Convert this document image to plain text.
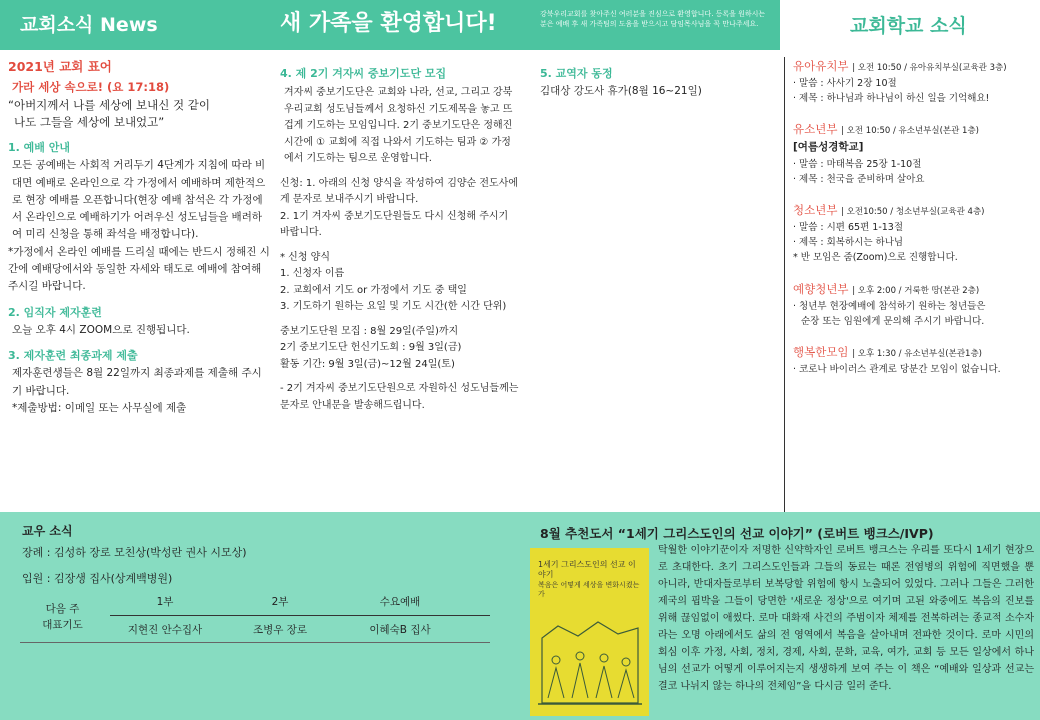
교회소식 News	새 가족을 환영합니다!	강북우리교회를 찾아주신 여러분을 진심으로 환영합니다. 등록을 원하시는 분은 예배 후 새 가족팀의 도움을 받으시고 담임목사님을 꼭 만나주세요.	교회학교 소식
2021년 교회 표어
가라 세상 속으로! (요 17:18)
“아버지께서 나를 세상에 보내신 것 같이
나도 그들을 세상에 보내었고”
1. 예배 안내
모든 공예배는 사회적 거리두기 4단계가 지침에 따라 비대면 예배로 온라인으로 각 가정에서 예배하며 제한적으로 현장 예배를 오픈합니다(현장 예배 참석은 각 가정에서 온라인으로 예배하기가 어려우신 성도님들을 배려하여 미리 신청을 통해 좌석을 배정합니다).
*가정에서 온라인 예배를 드리실 때에는 반드시 정해진 시간에 예배당에서와 동일한 자세와 태도로 예배에 참여해주시길 바랍니다.
2. 임직자 제자훈련
오늘 오후 4시 ZOOM으로 진행됩니다.
3. 제자훈련 최종과제 제출
제자훈련생들은 8월 22일까지 최종과제를 제출해 주시기 바랍니다.
*제출방법: 이메일 또는 사무실에 제출
4. 제 2기 겨자씨 중보기도단 모집
겨자씨 중보기도단은 교회와 나라, 선교, 그리고 강북우리교회 성도님들께서 요청하신 기도제목을 놓고 뜨겁게 기도하는 모임입니다. 2기 중보기도단은 정해진 시간에 ① 교회에 직접 나와서 기도하는 팀과 ② 가정에서 기도하는 팀으로 운영합니다.
신청: 1. 아래의 신청 양식을 작성하여 김양순 전도사에게 문자로 보내주시기 바랍니다.
2. 1기 겨자씨 중보기도단원들도 다시 신청해 주시기 바랍니다.
* 신청 양식
1. 신청자 이름
2. 교회에서 기도 or 가정에서 기도 중 택일
3. 기도하기 원하는 요일 및 기도 시간(한 시간 단위)
중보기도단원 모집 : 8월 29일(주일)까지
2기 중보기도단 헌신기도회 : 9월 3일(금)
활동 기간: 9월 3일(금)~12월 24일(토)
- 2기 겨자씨 중보기도단원으로 자원하신 성도님들께는 문자로 안내문을 발송해드립니다.
5. 교역자 동정
김대상 강도사 휴가(8월 16~21일)
유아유치부 | 오전 10:50 / 유아유치부실(교육관 3층)
· 말씀 : 사사기 2장 10절
· 제목 : 하나님과 하나님이 하신 일을 기억해요!
유소년부 | 오전 10:50 / 유소년부실(본관 1층)
[여름성경학교]
· 말씀 : 마태복음 25장 1-10절
· 제목 : 천국을 준비하며 살아요
청소년부 | 오전10:50 / 청소년부실(교육관 4층)
· 말씀 : 시편 65편 1-13절
· 제목 : 회복하시는 하나님
* 반 모임은 줌(Zoom)으로 진행합니다.
예향청년부 | 오후 2:00 / 거룩한 땅(본관 2층)
· 청년부 현장예배에 참석하기 원하는 청년들은
순장 또는 임원에게 문의해 주시기 바랍니다.
행복한모임 | 오후 1:30 / 유소년부실(본관1층)
· 코로나 바이러스 관계로 당분간 모임이 없습니다.
교우 소식
장례 : 김성하 장로 모친상(박성란 권사 시모상)
입원 : 김장생 집사(상계백병원)
다음 주
대표기도
1부	2부	수요예배
지현진 안수집사	조병우 장로	이혜숙B 집사
8월 추천도서 “1세기 그리스도인의 선교 이야기” (로버트 뱅크스/IVP)
1세기 그리스도인의 선교 이야기
복음은 어떻게 세상을 변화시켰는가
탁월한 이야기꾼이자 저명한 신약학자인 로버트 뱅크스는 우리를 또다시 1세기 현장으로 초대한다. 초기 그리스도인들과 그들의 동료는 때론 전염병의 위험에 직면했을 뿐 아니라, 반대자들로부터 보복당할 위험에 항시 노출되어 있었다. 그러나 그들은 그러한 제국의 핍박을 그들이 당면한 '새로운 정상'으로 여기며 고된 와중에도 복음의 진보를 위해 끊임없이 애썼다. 로마 대화재 사건의 주범이자 체제를 전복하려는 종교적 소수자라는 오명 아래에서도 삶의 전 영역에서 복음을 살아내며 전파한 것이다. 로마 시민의 회심 이후 가정, 사회, 정치, 경제, 사회, 문화, 교육, 여가, 교회 등 모든 일상에서 하나님의 선교가 어떻게 이루어지는지 생생하게 보여 주는 이 책은 “예배와 일상과 선교는 결코 나뉘지 않는 하나의 전체임”을 다시금 일러 준다.
